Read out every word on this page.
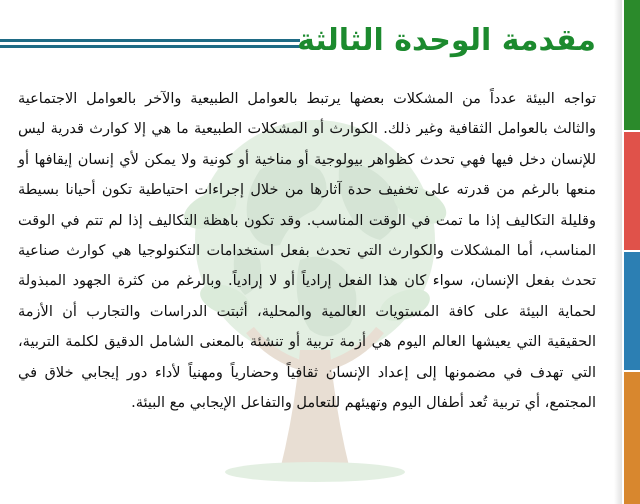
مقدمة الوحدة الثالثة
تواجه البيئة عدداً من المشكلات بعضها يرتبط بالعوامل الطبيعية والآخر بالعوامل الاجتماعية والثالث بالعوامل الثقافية وغير ذلك. الكوارث أو المشكلات الطبيعية ما هي إلا كوارث قدرية ليس للإنسان دخل فيها فهي تحدث كظواهر بيولوجية أو مناخية أو كونية ولا يمكن لأي إنسان إيقافها أو منعها بالرغم من قدرته على تخفيف حدة آثارها من خلال إجراءات احتياطية تكون أحيانا بسيطة وقليلة التكاليف إذا ما تمت في الوقت المناسب. وقد تكون باهظة التكاليف إذا لم تتم في الوقت المناسب، أما المشكلات والكوارث التي تحدث بفعل استخدامات التكنولوجيا هي كوارث صناعية تحدث بفعل الإنسان، سواء كان هذا الفعل إرادياً أو لا إرادياً. وبالرغم من كثرة الجهود المبذولة لحماية البيئة على كافة المستويات العالمية والمحلية، أثبتت الدراسات والتجارب أن الأزمة الحقيقية التي يعيشها العالم اليوم هي أزمة تربية أو تنشئة بالمعنى الشامل الدقيق لكلمة التربية، التي تهدف في مضمونها إلى إعداد الإنسان ثقافياً وحضارياً ومهنياً لأداء دور إيجابي خلاق في المجتمع، أي تربية تُعد أطفال اليوم وتهيئهم للتعامل والتفاعل الإيجابي مع البيئة.
